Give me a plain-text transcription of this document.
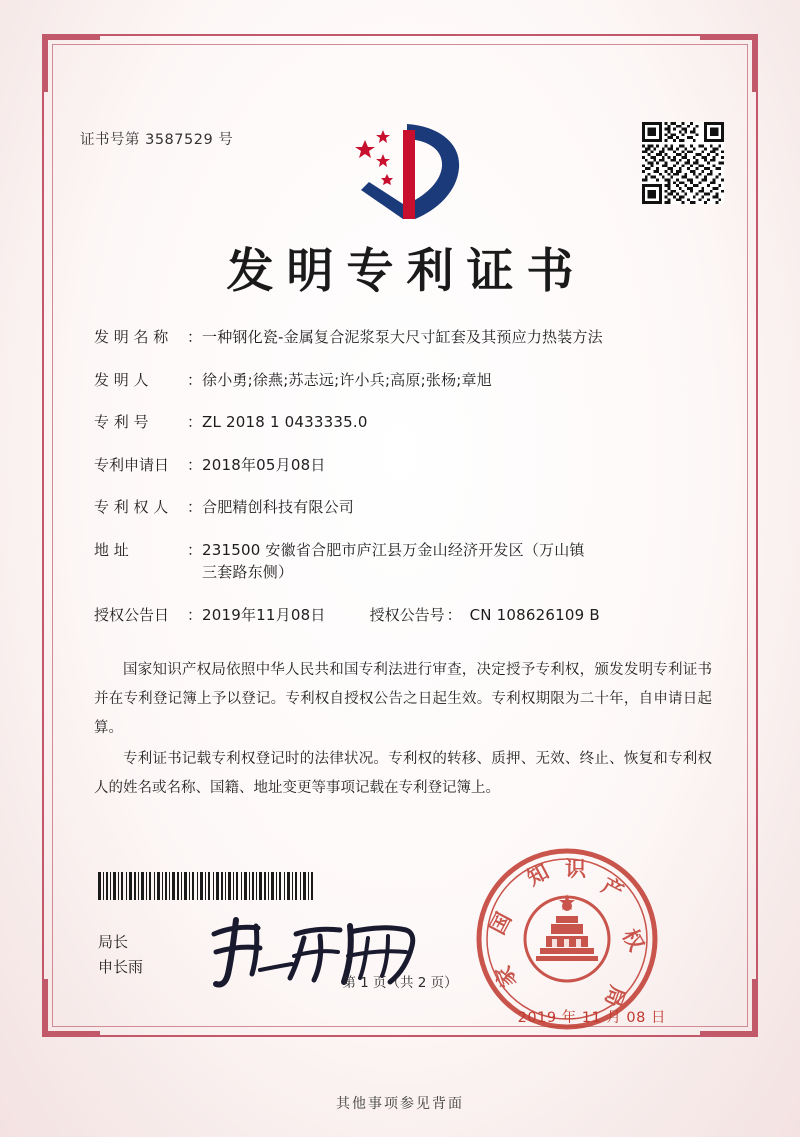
证书号第 3587529 号
发明专利证书
发 明 名 称 ： 一种钢化瓷-金属复合泥浆泵大尺寸缸套及其预应力热装方法
发 明 人	： 徐小勇;徐燕;苏志远;许小兵;高原;张杨;章旭
专 利 号	： ZL 2018 1 0433335.0
专利申请日 ： 2018年05月08日
专 利 权 人 ： 合肥精创科技有限公司
地 址	： 231500 安徽省合肥市庐江县万金山经济开发区（万山镇
三套路东侧）
授权公告日 ： 2019年11月08日	授权公告号 ： CN 108626109 B

国家知识产权局依照中华人民共和国专利法进行审查，决定授予专利权，颁发发明专利证书并在专利登记簿上予以登记。专利权自授权公告之日起生效。专利权期限为二十年，自申请日起算。

专利证书记载专利权登记时的法律状况。专利权的转移、质押、无效、终止、恢复和专利权人的姓名或名称、国籍、地址变更等事项记载在专利登记簿上。

局长
申长雨
知 识
产
权
局
家
国
2019 年 11 月 08 日
第 1 页（共 2 页）
其他事项参见背面
